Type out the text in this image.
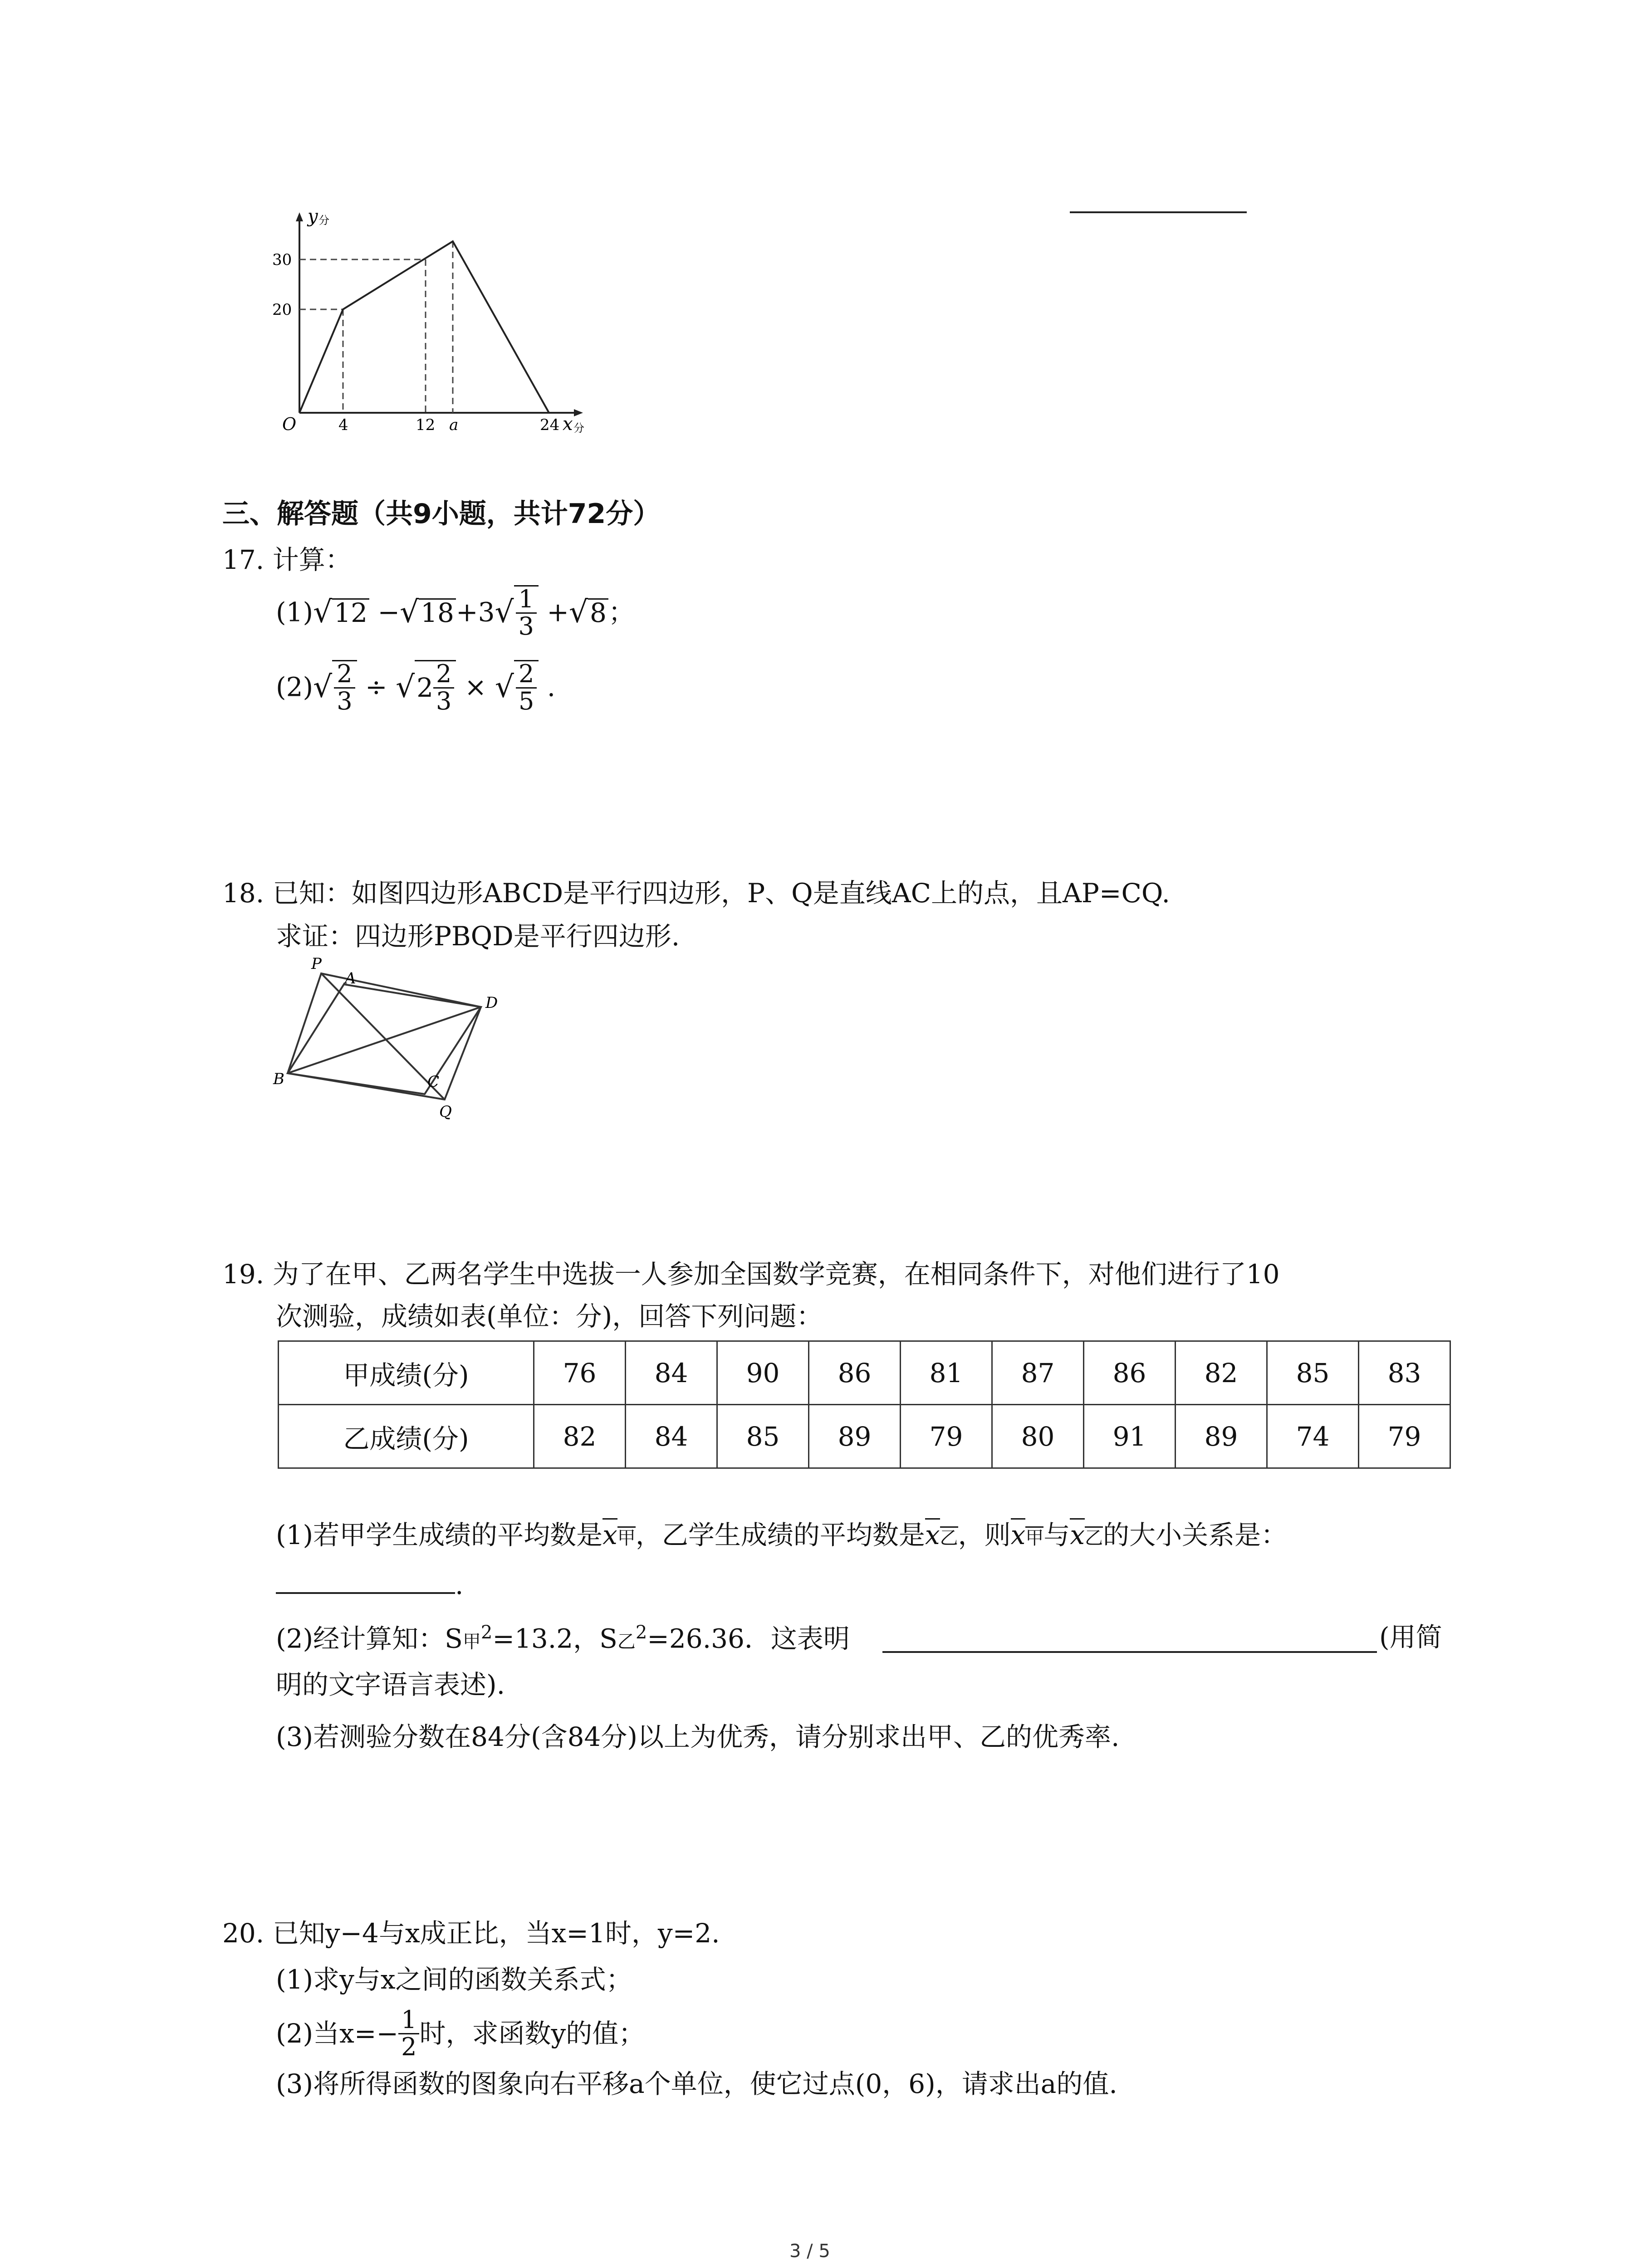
y 分
30
20
O	4	12 a	24 x 分
三、解答题（共9小题，共计72分）
17. 计算：
$(1)√12 -√18+3√ \frac{1}{3} +√8$；
$(2)√ \frac{2}{3} \div √2 \frac{2}{3}$ × √ $\frac{2}{5}$ .
18. 已知：如图四边形ABCD是平行四边形，P、Q是直线AC上的点，且AP=CQ.
求证：四边形PBQD是平行四边形.
P
A
D
B	C
Q
19. 为了在甲、乙两名学生中选拔一人参加全国数学竞赛，在相同条件下，对他们进行了10
次测验，成绩如表(单位：分)，回答下列问题：
甲成绩(分)	76	84	90	86	81	87	86	82	85	83
乙成绩(分)	82	84	85	89	79	80	91	89	74	79
(1)若甲学生成绩的平均数是x甲，乙学生成绩的平均数是x乙，则x甲与x乙的大小关系是：
.
(2)经计算知：S甲$^2$=13.2，S乙$^2$=26.36．这表明	(用简
明的文字语言表述).
(3)若测验分数在84分(含84分)以上为优秀，请分别求出甲、乙的优秀率.
20. 已知y−4与x成正比，当x=1时，y=2.
(1)求y与x之间的函数关系式；
(2)当$x=- \frac{1}{2}$ 时，求函数y的值；
(3)将所得函数的图象向右平移a个单位，使它过点(0，6)，请求出a的值.
3 / 5
